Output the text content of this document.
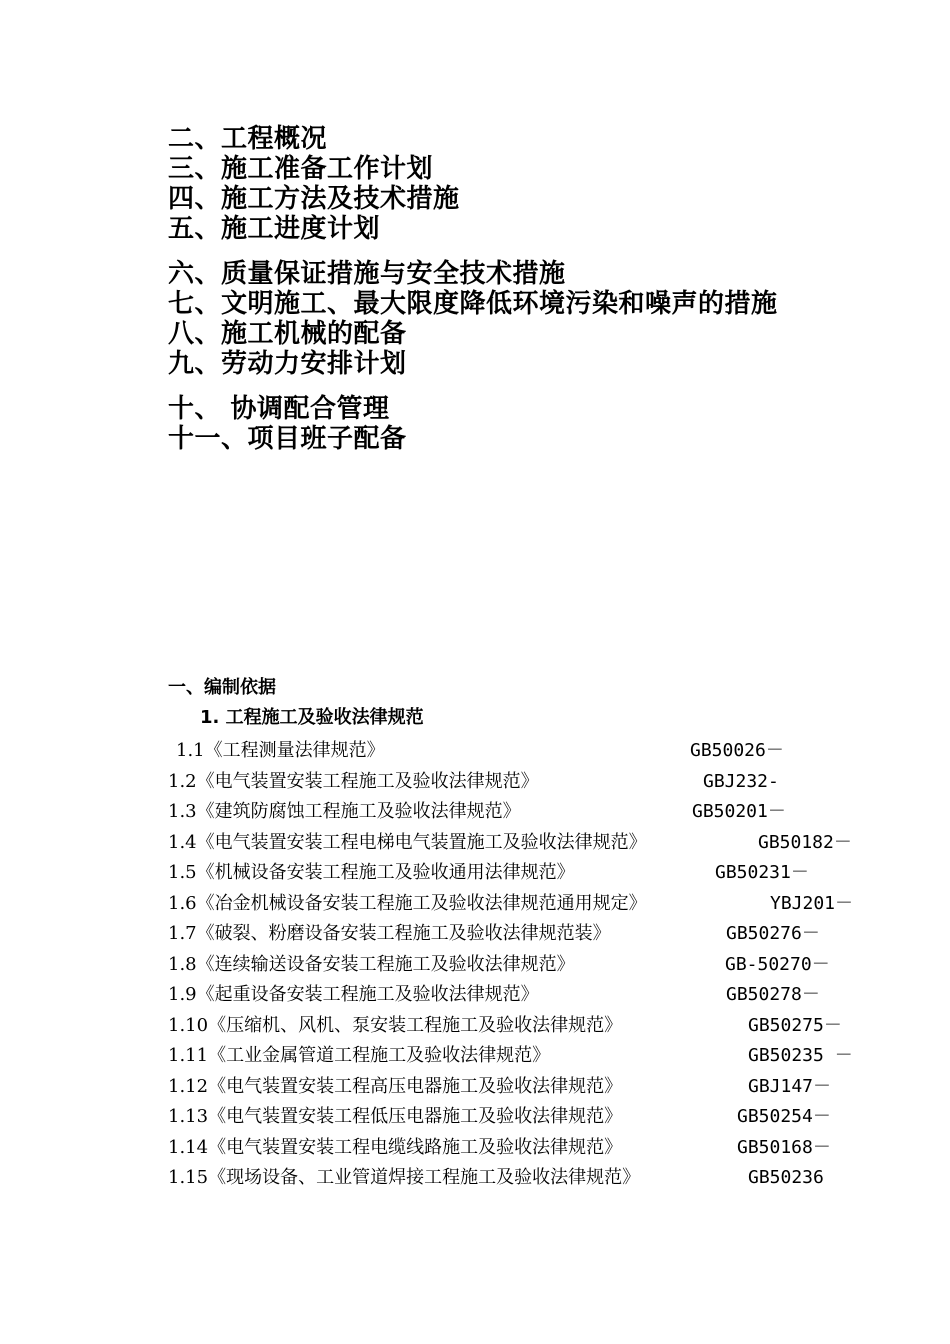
二、工程概况
三、施工准备工作计划
四、施工方法及技术措施
五、施工进度计划
六、质量保证措施与安全技术措施
七、文明施工、最大限度降低环境污染和噪声的措施
八、施工机械的配备
九、劳动力安排计划
十、 协调配合管理
十一、项目班子配备
一、编制依据
1. 工程施工及验收法律规范
1.1《工程测量法律规范》	GB50026－
1.2《电气装置安装工程施工及验收法律规范》	GBJ232-
1.3《建筑防腐蚀工程施工及验收法律规范》	GB50201－
1.4《电气装置安装工程电梯电气装置施工及验收法律规范》	GB50182－
1.5《机械设备安装工程施工及验收通用法律规范》	GB50231－
1.6《冶金机械设备安装工程施工及验收法律规范通用规定》	YBJ201－
1.7《破裂、粉磨设备安装工程施工及验收法律规范装》	GB50276－
1.8《连续输送设备安装工程施工及验收法律规范》	GB-50270－
1.9《起重设备安装工程施工及验收法律规范》	GB50278－
1.10《压缩机、风机、泵安装工程施工及验收法律规范》	GB50275－
1.11《工业金属管道工程施工及验收法律规范》	GB50235 －
1.12《电气装置安装工程高压电器施工及验收法律规范》	GBJ147－
1.13《电气装置安装工程低压电器施工及验收法律规范》	GB50254－
1.14《电气装置安装工程电缆线路施工及验收法律规范》	GB50168－
1.15《现场设备、工业管道焊接工程施工及验收法律规范》	GB50236
